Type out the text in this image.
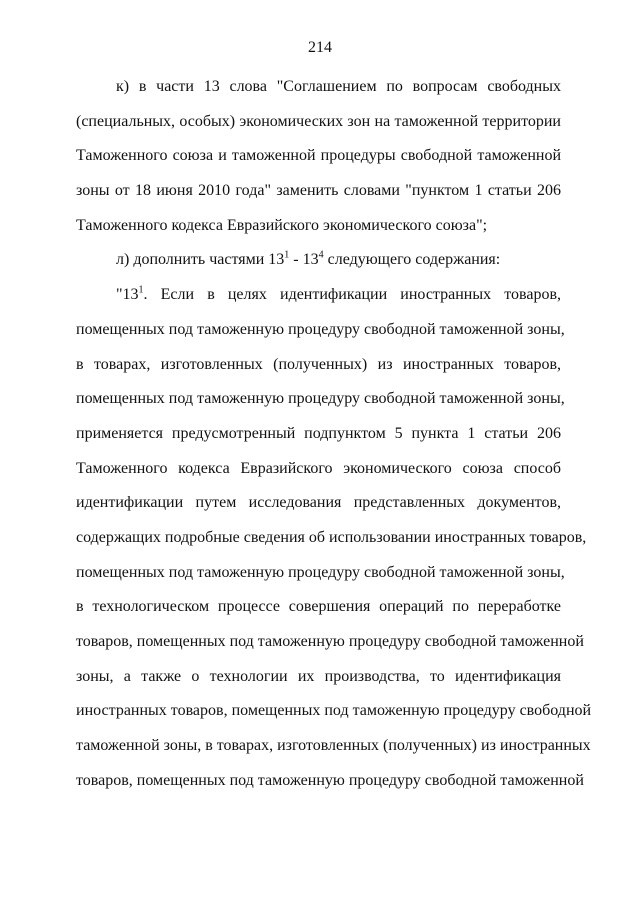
214
к) в части 13 слова "Соглашением по вопросам свободных
(специальных, особых) экономических зон на таможенной территории
Таможенного союза и таможенной процедуры свободной таможенной
зоны от 18 июня 2010 года" заменить словами "пунктом 1 статьи 206
Таможенного кодекса Евразийского экономического союза";
л) дополнить частями $13^1 - 13^4$ следующего содержания:
"$13^1$. Если в целях идентификации иностранных товаров,
помещенных под таможенную процедуру свободной таможенной зоны,
в товарах, изготовленных (полученных) из иностранных товаров,
помещенных под таможенную процедуру свободной таможенной зоны,
применяется предусмотренный подпунктом 5 пункта 1 статьи 206
Таможенного кодекса Евразийского экономического союза способ
идентификации путем исследования представленных документов,
содержащих подробные сведения об использовании иностранных товаров,
помещенных под таможенную процедуру свободной таможенной зоны,
в технологическом процессе совершения операций по переработке
товаров, помещенных под таможенную процедуру свободной таможенной
зоны, а также о технологии их производства, то идентификация
иностранных товаров, помещенных под таможенную процедуру свободной
таможенной зоны, в товарах, изготовленных (полученных) из иностранных
товаров, помещенных под таможенную процедуру свободной таможенной
